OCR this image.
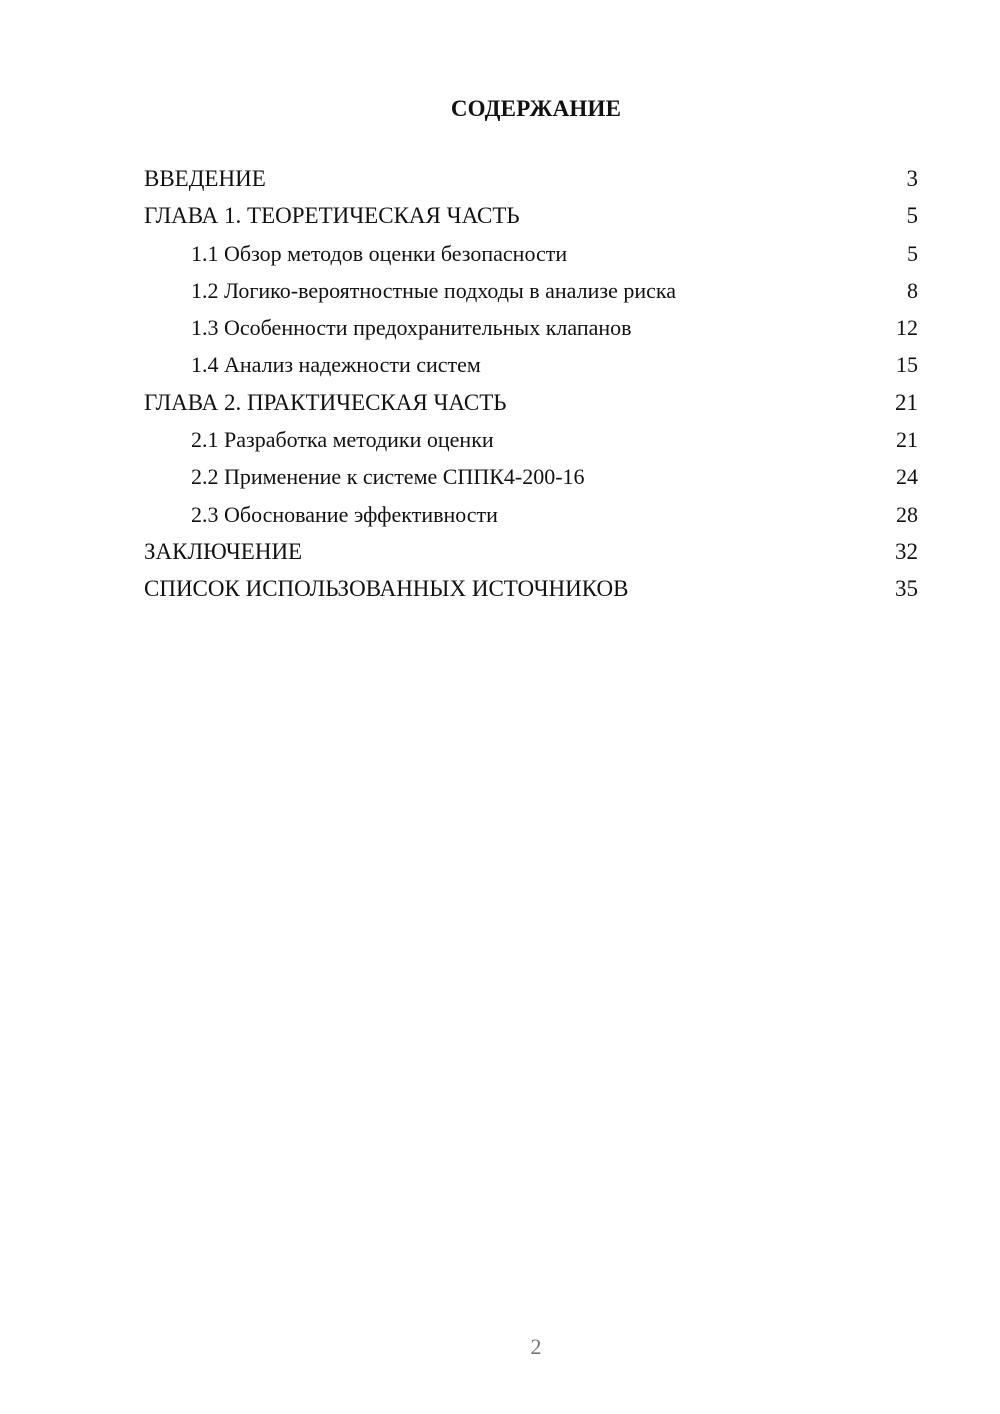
СОДЕРЖАНИЕ
ВВЕДЕНИЕ	3
ГЛАВА 1. ТЕОРЕТИЧЕСКАЯ ЧАСТЬ	5
1.1 Обзор методов оценки безопасности	5
1.2 Логико-вероятностные подходы в анализе риска	8
1.3 Особенности предохранительных клапанов	12
1.4 Анализ надежности систем	15
ГЛАВА 2. ПРАКТИЧЕСКАЯ ЧАСТЬ	21
2.1 Разработка методики оценки	21
2.2 Применение к системе СППК4-200-16	24
2.3 Обоснование эффективности	28
ЗАКЛЮЧЕНИЕ	32
СПИСОК ИСПОЛЬЗОВАННЫХ ИСТОЧНИКОВ	35
2
